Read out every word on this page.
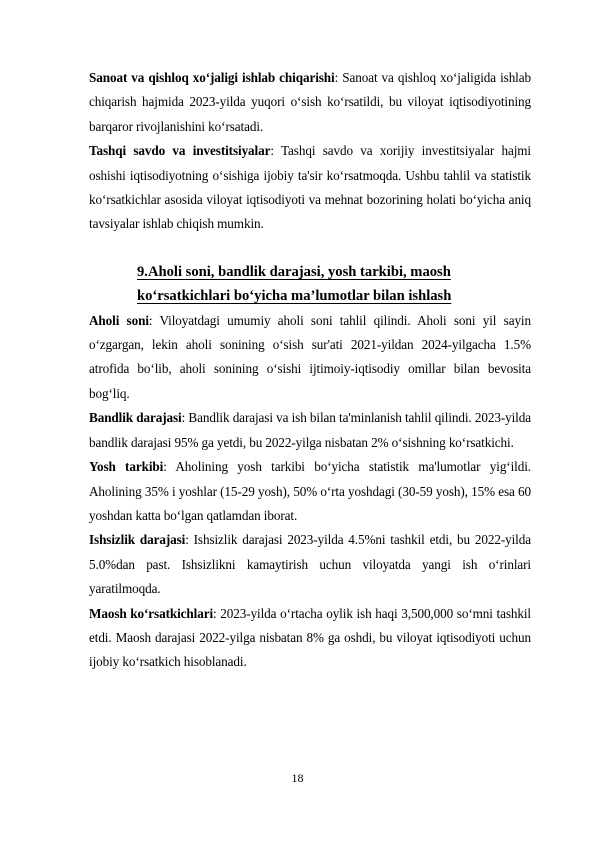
Sanoat va qishloq xo‘jaligi ishlab chiqarishi: Sanoat va qishloq xo‘jaligida ishlab chiqarish hajmida 2023-yilda yuqori o‘sish ko‘rsatildi, bu viloyat iqtisodiyotining barqaror rivojlanishini ko‘rsatadi.

Tashqi savdo va investitsiyalar: Tashqi savdo va xorijiy investitsiyalar hajmi oshishi iqtisodiyotning o‘sishiga ijobiy ta'sir ko‘rsatmoqda. Ushbu tahlil va statistik ko‘rsatkichlar asosida viloyat iqtisodiyoti va mehnat bozorining holati bo‘yicha aniq tavsiyalar ishlab chiqish mumkin.

9.Aholi soni, bandlik darajasi, yosh tarkibi, maosh
ko‘rsatkichlari bo‘yicha ma’lumotlar bilan ishlash

Aholi soni: Viloyatdagi umumiy aholi soni tahlil qilindi. Aholi soni yil sayin o‘zgargan, lekin aholi sonining o‘sish sur'ati 2021-yildan 2024-yilgacha 1.5% atrofida bo‘lib, aholi sonining o‘sishi ijtimoiy-iqtisodiy omillar bilan bevosita bog‘liq.

Bandlik darajasi: Bandlik darajasi va ish bilan ta'minlanish tahlil qilindi. 2023-yilda bandlik darajasi 95% ga yetdi, bu 2022-yilga nisbatan 2% o‘sishning ko‘rsatkichi.

Yosh tarkibi: Aholining yosh tarkibi bo‘yicha statistik ma'lumotlar yig‘ildi. Aholining 35% i yoshlar (15-29 yosh), 50% o‘rta yoshdagi (30-59 yosh), 15% esa 60 yoshdan katta bo‘lgan qatlamdan iborat.

Ishsizlik darajasi: Ishsizlik darajasi 2023-yilda 4.5%ni tashkil etdi, bu 2022-yilda 5.0%dan past. Ishsizlikni kamaytirish uchun viloyatda yangi ish o‘rinlari yaratilmoqda.

Maosh ko‘rsatkichlari: 2023-yilda o‘rtacha oylik ish haqi 3,500,000 so‘mni tashkil etdi. Maosh darajasi 2022-yilga nisbatan 8% ga oshdi, bu viloyat iqtisodiyoti uchun ijobiy ko‘rsatkich hisoblanadi.

18
